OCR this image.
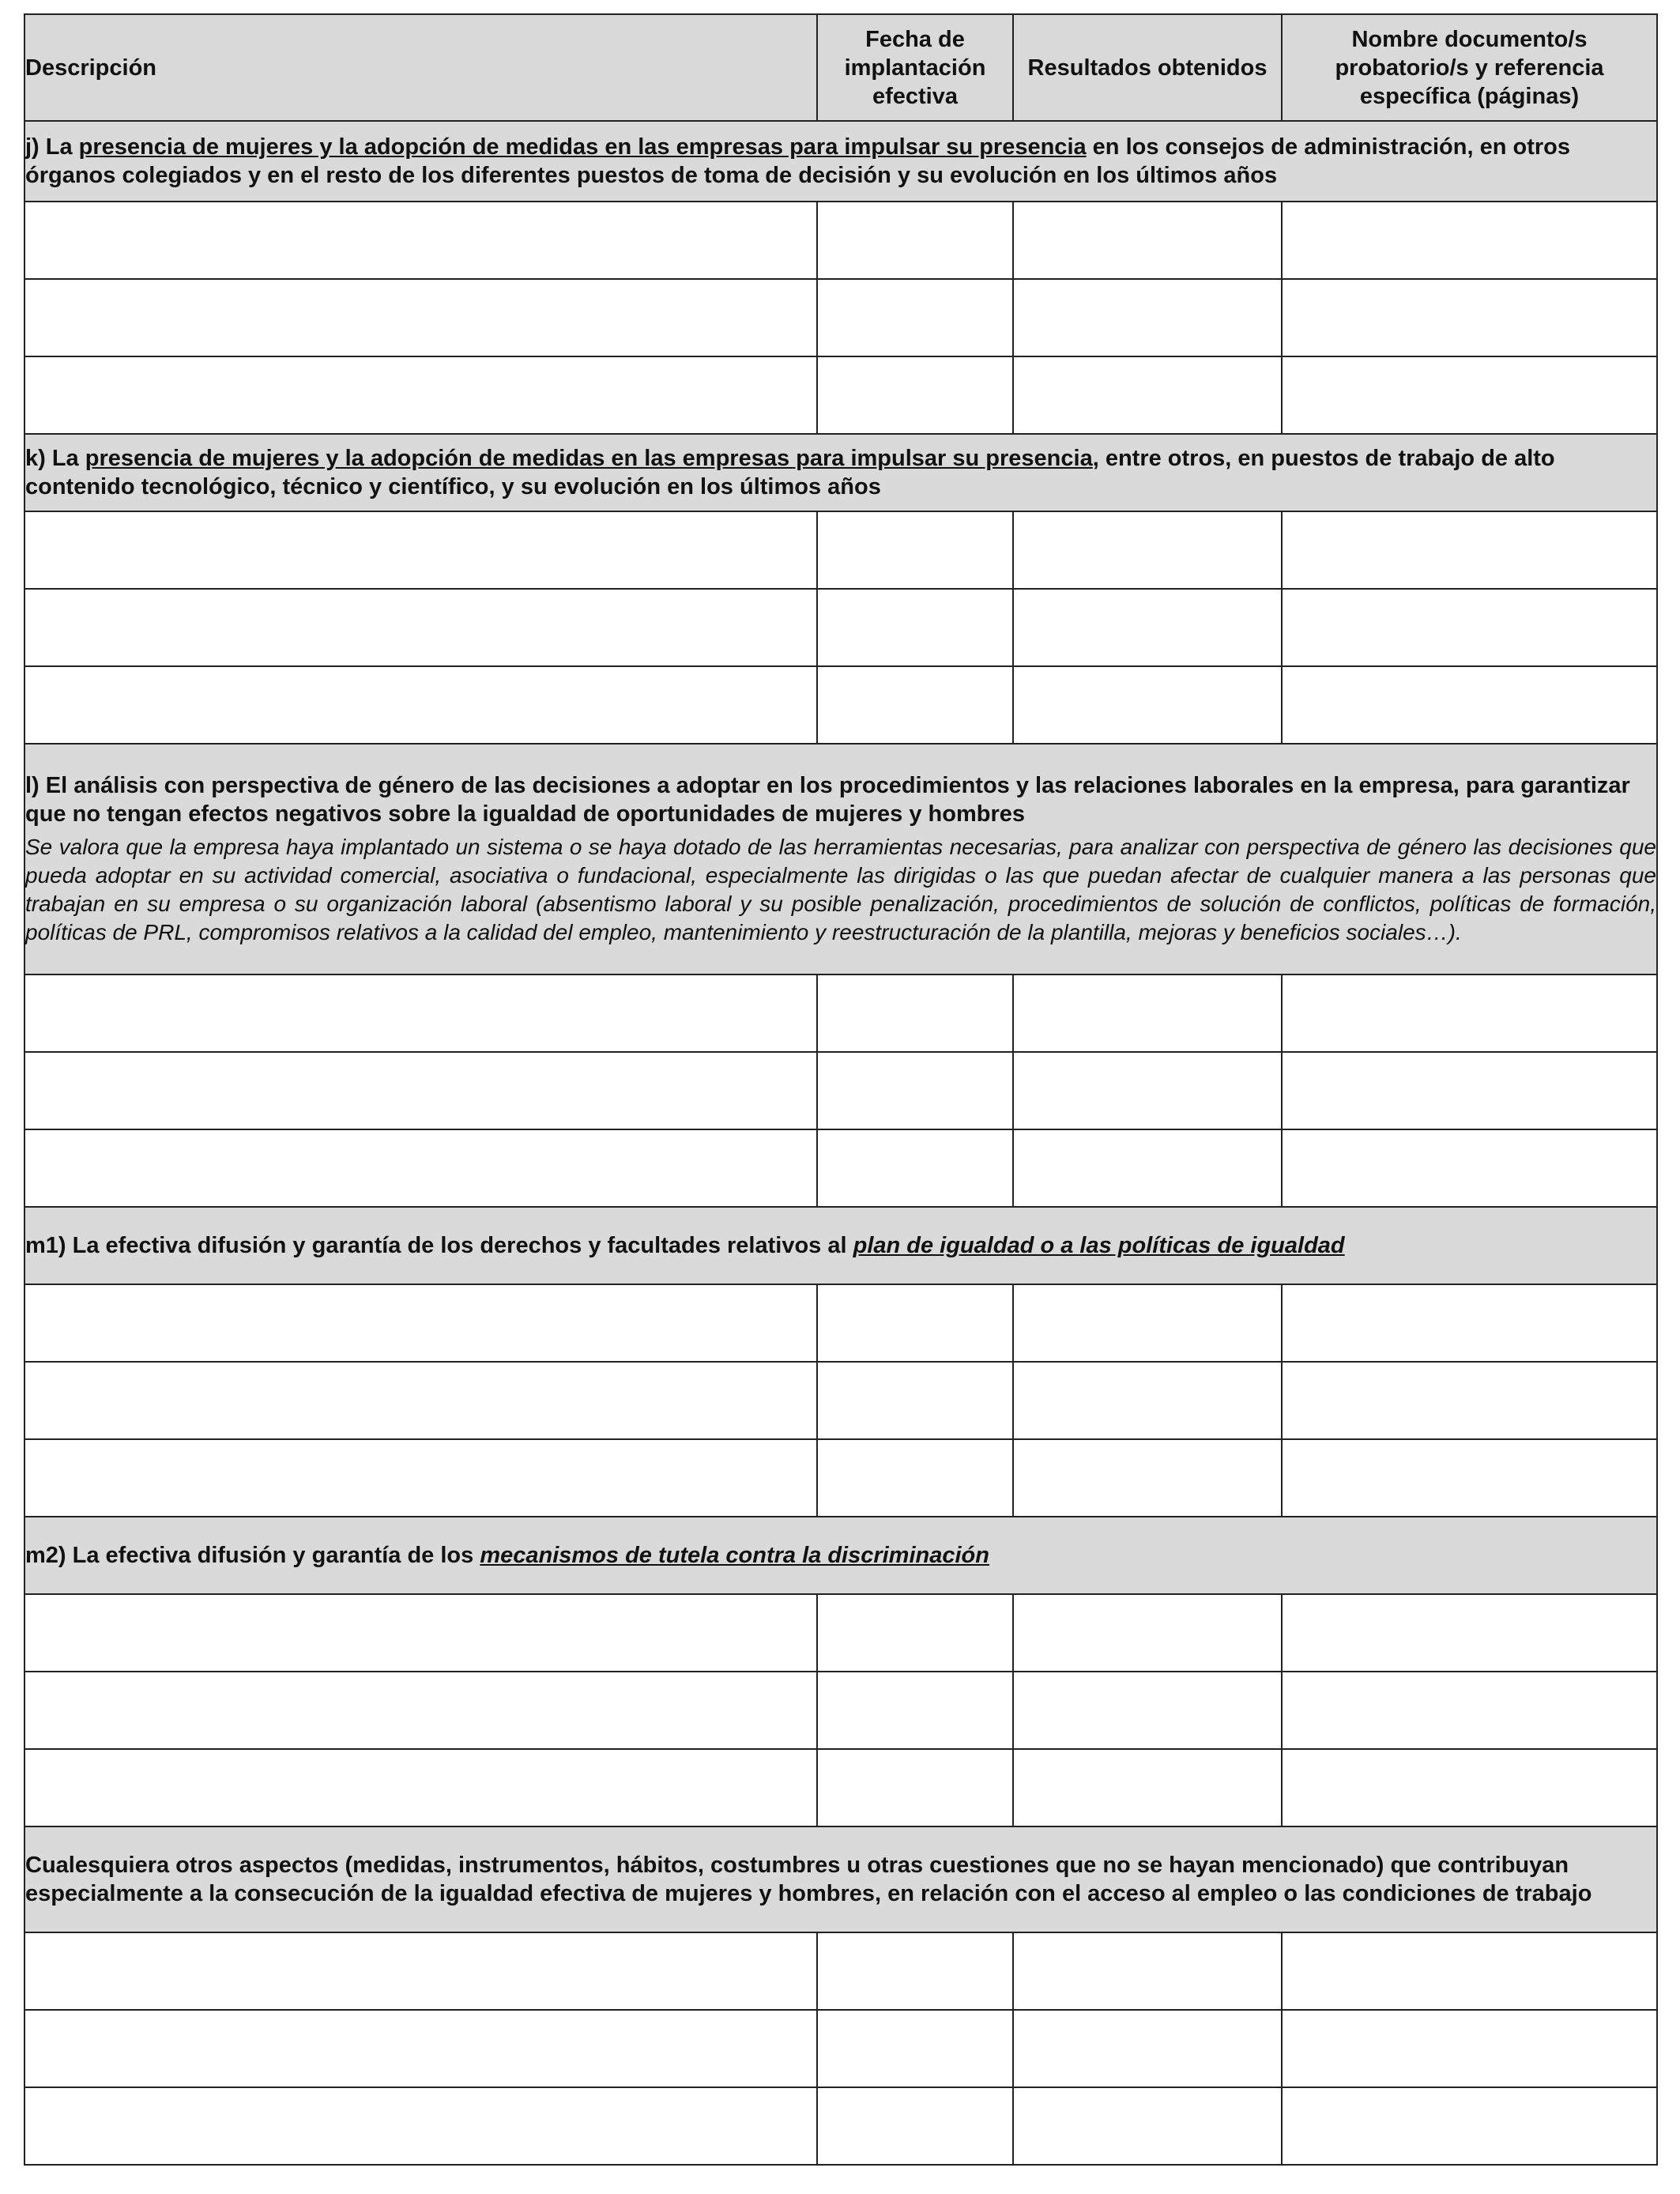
Descripción	Fecha de implantación efectiva	Resultados obtenidos	Nombre documento/s probatorio/s y referencia específica (páginas)

j) La presencia de mujeres y la adopción de medidas en las empresas para impulsar su presencia en los consejos de administración, en otros órganos colegiados y en el resto de los diferentes puestos de toma de decisión y su evolución en los últimos años			

k) La presencia de mujeres y la adopción de medidas en las empresas para impulsar su presencia, entre otros, en puestos de trabajo de alto contenido tecnológico, técnico y científico, y su evolución en los últimos años			

l) El análisis con perspectiva de género de las decisiones a adoptar en los procedimientos y las relaciones laborales en la empresa, para garantizar que no tengan efectos negativos sobre la igualdad de oportunidades de mujeres y hombres
Se valora que la empresa haya implantado un sistema o se haya dotado de las herramientas necesarias, para analizar con perspectiva de género las decisiones que pueda adoptar en su actividad comercial, asociativa o fundacional, especialmente las dirigidas o las que puedan afectar de cualquier manera a las personas que trabajan en su empresa o su organización laboral (absentismo laboral y su posible penalización, procedimientos de solución de conflictos, políticas de formación, políticas de PRL, compromisos relativos a la calidad del empleo, mantenimiento y reestructuración de la plantilla, mejoras y beneficios sociales…).			

m1) La efectiva difusión y garantía de los derechos y facultades relativos al plan de igualdad o a las políticas de igualdad			

m2) La efectiva difusión y garantía de los mecanismos de tutela contra la discriminación			

Cualesquiera otros aspectos (medidas, instrumentos, hábitos, costumbres u otras cuestiones que no se hayan mencionado) que contribuyan especialmente a la consecución de la igualdad efectiva de mujeres y hombres, en relación con el acceso al empleo o las condiciones de trabajo			
